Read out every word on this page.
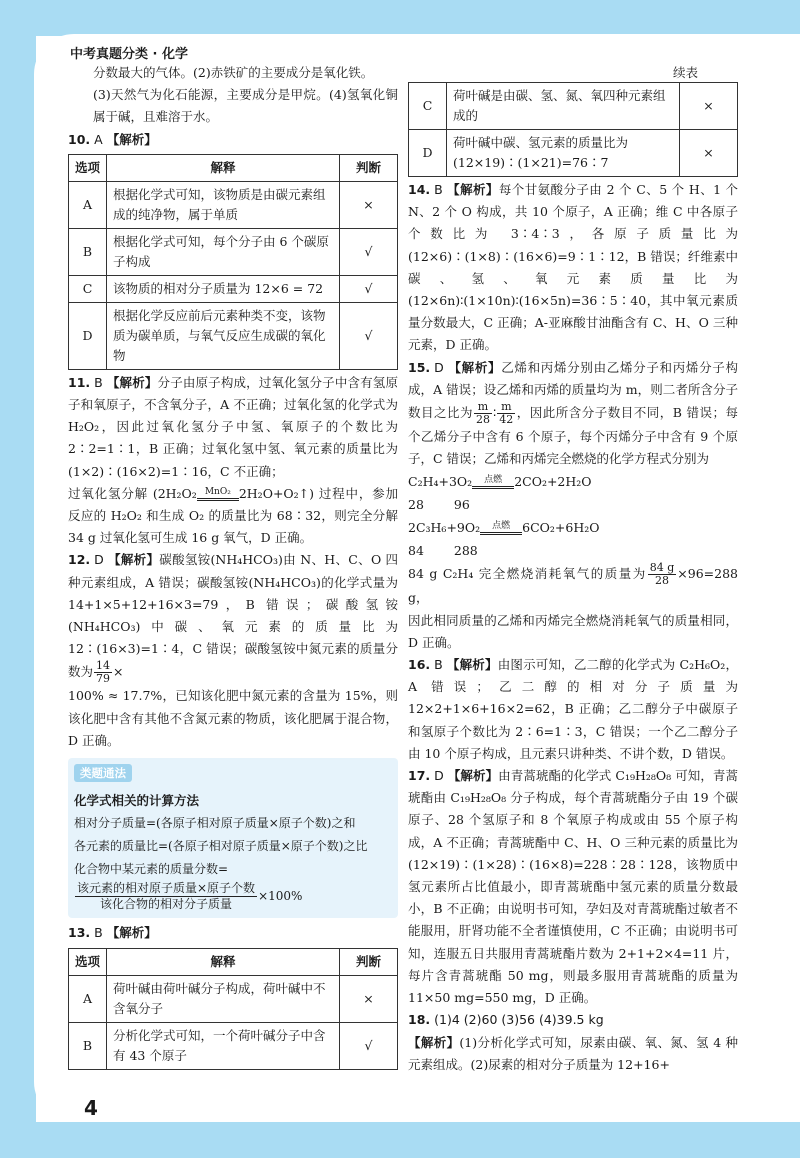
中考真题分类 · 化学
4

分数最大的气体。(2)赤铁矿的主要成分是氧化铁。

(3)天然气为化石能源，主要成分是甲烷。(4)氢氧化铜属于碱，且难溶于水。

10. A 【解析】

选项	解释	判断
A	根据化学式可知，该物质是由碳元素组成的纯净物，属于单质	×
B	根据化学式可知，每个分子由 6 个碳原子构成	√
C	该物质的相对分子质量为 12×6 = 72	√
D	根据化学反应前后元素种类不变，该物质为碳单质，与氧气反应生成碳的氧化物	√

11. B 【解析】分子由原子构成，过氧化氢分子中含有氢原子和氧原子，不含氧分子，A 不正确；过氧化氢的化学式为 H₂O₂，因此过氧化氢分子中氢、氧原子的个数比为 2∶2=1∶1，B 正确；过氧化氢中氢、氧元素的质量比为(1×2)∶(16×2)=1∶16，C 不正确；

过氧化氢分解 (2H₂O₂ MnO₂ 2H₂O+O₂↑) 过程中，参加反应的 H₂O₂ 和生成 O₂ 的质量比为 68∶32，则完全分解 34 g 过氧化氢可生成 16 g 氧气，D 正确。

12. D 【解析】碳酸氢铵(NH₄HCO₃)由 N、H、C、O 四种元素组成，A 错误；碳酸氢铵(NH₄HCO₃)的化学式量为 14+1×5+12+16×3=79，B 错误；碳酸氢铵(NH₄HCO₃)中碳、氧元素的质量比为 12∶(16×3)=1∶4，C 错误；碳酸氢铵中氮元素的质量分数为 $\frac{14}{79}$ ×

100% ≈ 17.7%，已知该化肥中氮元素的含量为 15%，则该化肥中含有其他不含氮元素的物质，该化肥属于混合物，D 正确。

类题通法
化学式相关的计算方法
相对分子质量=(各原子相对原子质量×原子个数)之和
各元素的质量比=(各原子相对原子质量×原子个数)之比
化合物中某元素的质量分数=
$\frac{\text{该元素的相对原子质量×原子个数}}{\text{该化合物的相对分子质量}} \times 100\%$

13. B 【解析】

选项	解释	判断
A	荷叶碱由荷叶碱分子构成，荷叶碱中不含氧分子	×
B	分析化学式可知，一个荷叶碱分子中含有 43 个原子	√
续表
C	荷叶碱是由碳、氢、氮、氧四种元素组成的	×
D	荷叶碱中碳、氢元素的质量比为(12×19)∶(1×21)=76∶7	×

14. B 【解析】每个甘氨酸分子由 2 个 C、5 个 H、1 个 N、2 个 O 构成，共 10 个原子，A 正确；维 C 中各原子个数比为 3∶4∶3，各原子质量比为(12×6)∶(1×8)∶(16×6)=9∶1∶12，B 错误；纤维素中碳、氢、氧元素质量比为(12×6n)∶(1×10n)∶(16×5n)=36∶5∶40，其中氧元素质量分数最大，C 正确；A-亚麻酸甘油酯含有 C、H、O 三种元素，D 正确。

15. D 【解析】乙烯和丙烯分别由乙烯分子和丙烯分子构成，A 错误；设乙烯和丙烯的质量均为 m，则二者所含分子数目之比为 $\frac{m}{28}$ ∶ $\frac{m}{42}$ ，因此所含分子数目不同，B 错误；每个乙烯分子中含有 6 个原子，每个丙烯分子中含有 9 个原子，C 错误；乙烯和丙烯完全燃烧的化学方程式分别为

C₂H₄+3O₂	点燃 2CO₂+2H₂O
28 96
2C₃H₆+9O₂	点燃 6CO₂+6H₂O
84 288

84 g C₂H₄ 完全燃烧消耗氧气的质量为 $\frac{84 g}{28} \times 96=288$ g，

因此相同质量的乙烯和丙烯完全燃烧消耗氧气的质量相同，D 正确。

16. B 【解析】由图示可知，乙二醇的化学式为 C₂H₆O₂，A 错误；乙二醇的相对分子质量为 12×2+1×6+16×2=62，B 正确；乙二醇分子中碳原子和氢原子个数比为 2∶6=1∶3，C 错误；一个乙二醇分子由 10 个原子构成，且元素只讲种类、不讲个数，D 错误。

17. D 【解析】由青蒿琥酯的化学式 C₁₉H₂₈O₈ 可知，青蒿琥酯由 C₁₉H₂₈O₈ 分子构成，每个青蒿琥酯分子由 19 个碳原子、28 个氢原子和 8 个氧原子构成或由 55 个原子构成，A 不正确；青蒿琥酯中 C、H、O 三种元素的质量比为(12×19)∶(1×28)∶(16×8)=228∶28∶128，该物质中氢元素所占比值最小，即青蒿琥酯中氢元素的质量分数最小，B 不正确；由说明书可知，孕妇及对青蒿琥酯过敏者不能服用，肝肾功能不全者谨慎使用，C 不正确；由说明书可知，连服五日共服用青蒿琥酯片数为 2+1+2×4=11 片，每片含青蒿琥酯 50 mg，则最多服用青蒿琥酯的质量为 11×50 mg=550 mg，D 正确。

18. (1)4 (2)60 (3)56 (4)39.5 kg

【解析】(1)分析化学式可知，尿素由碳、氧、氮、氢 4 种元素组成。(2)尿素的相对分子质量为 12+16+
